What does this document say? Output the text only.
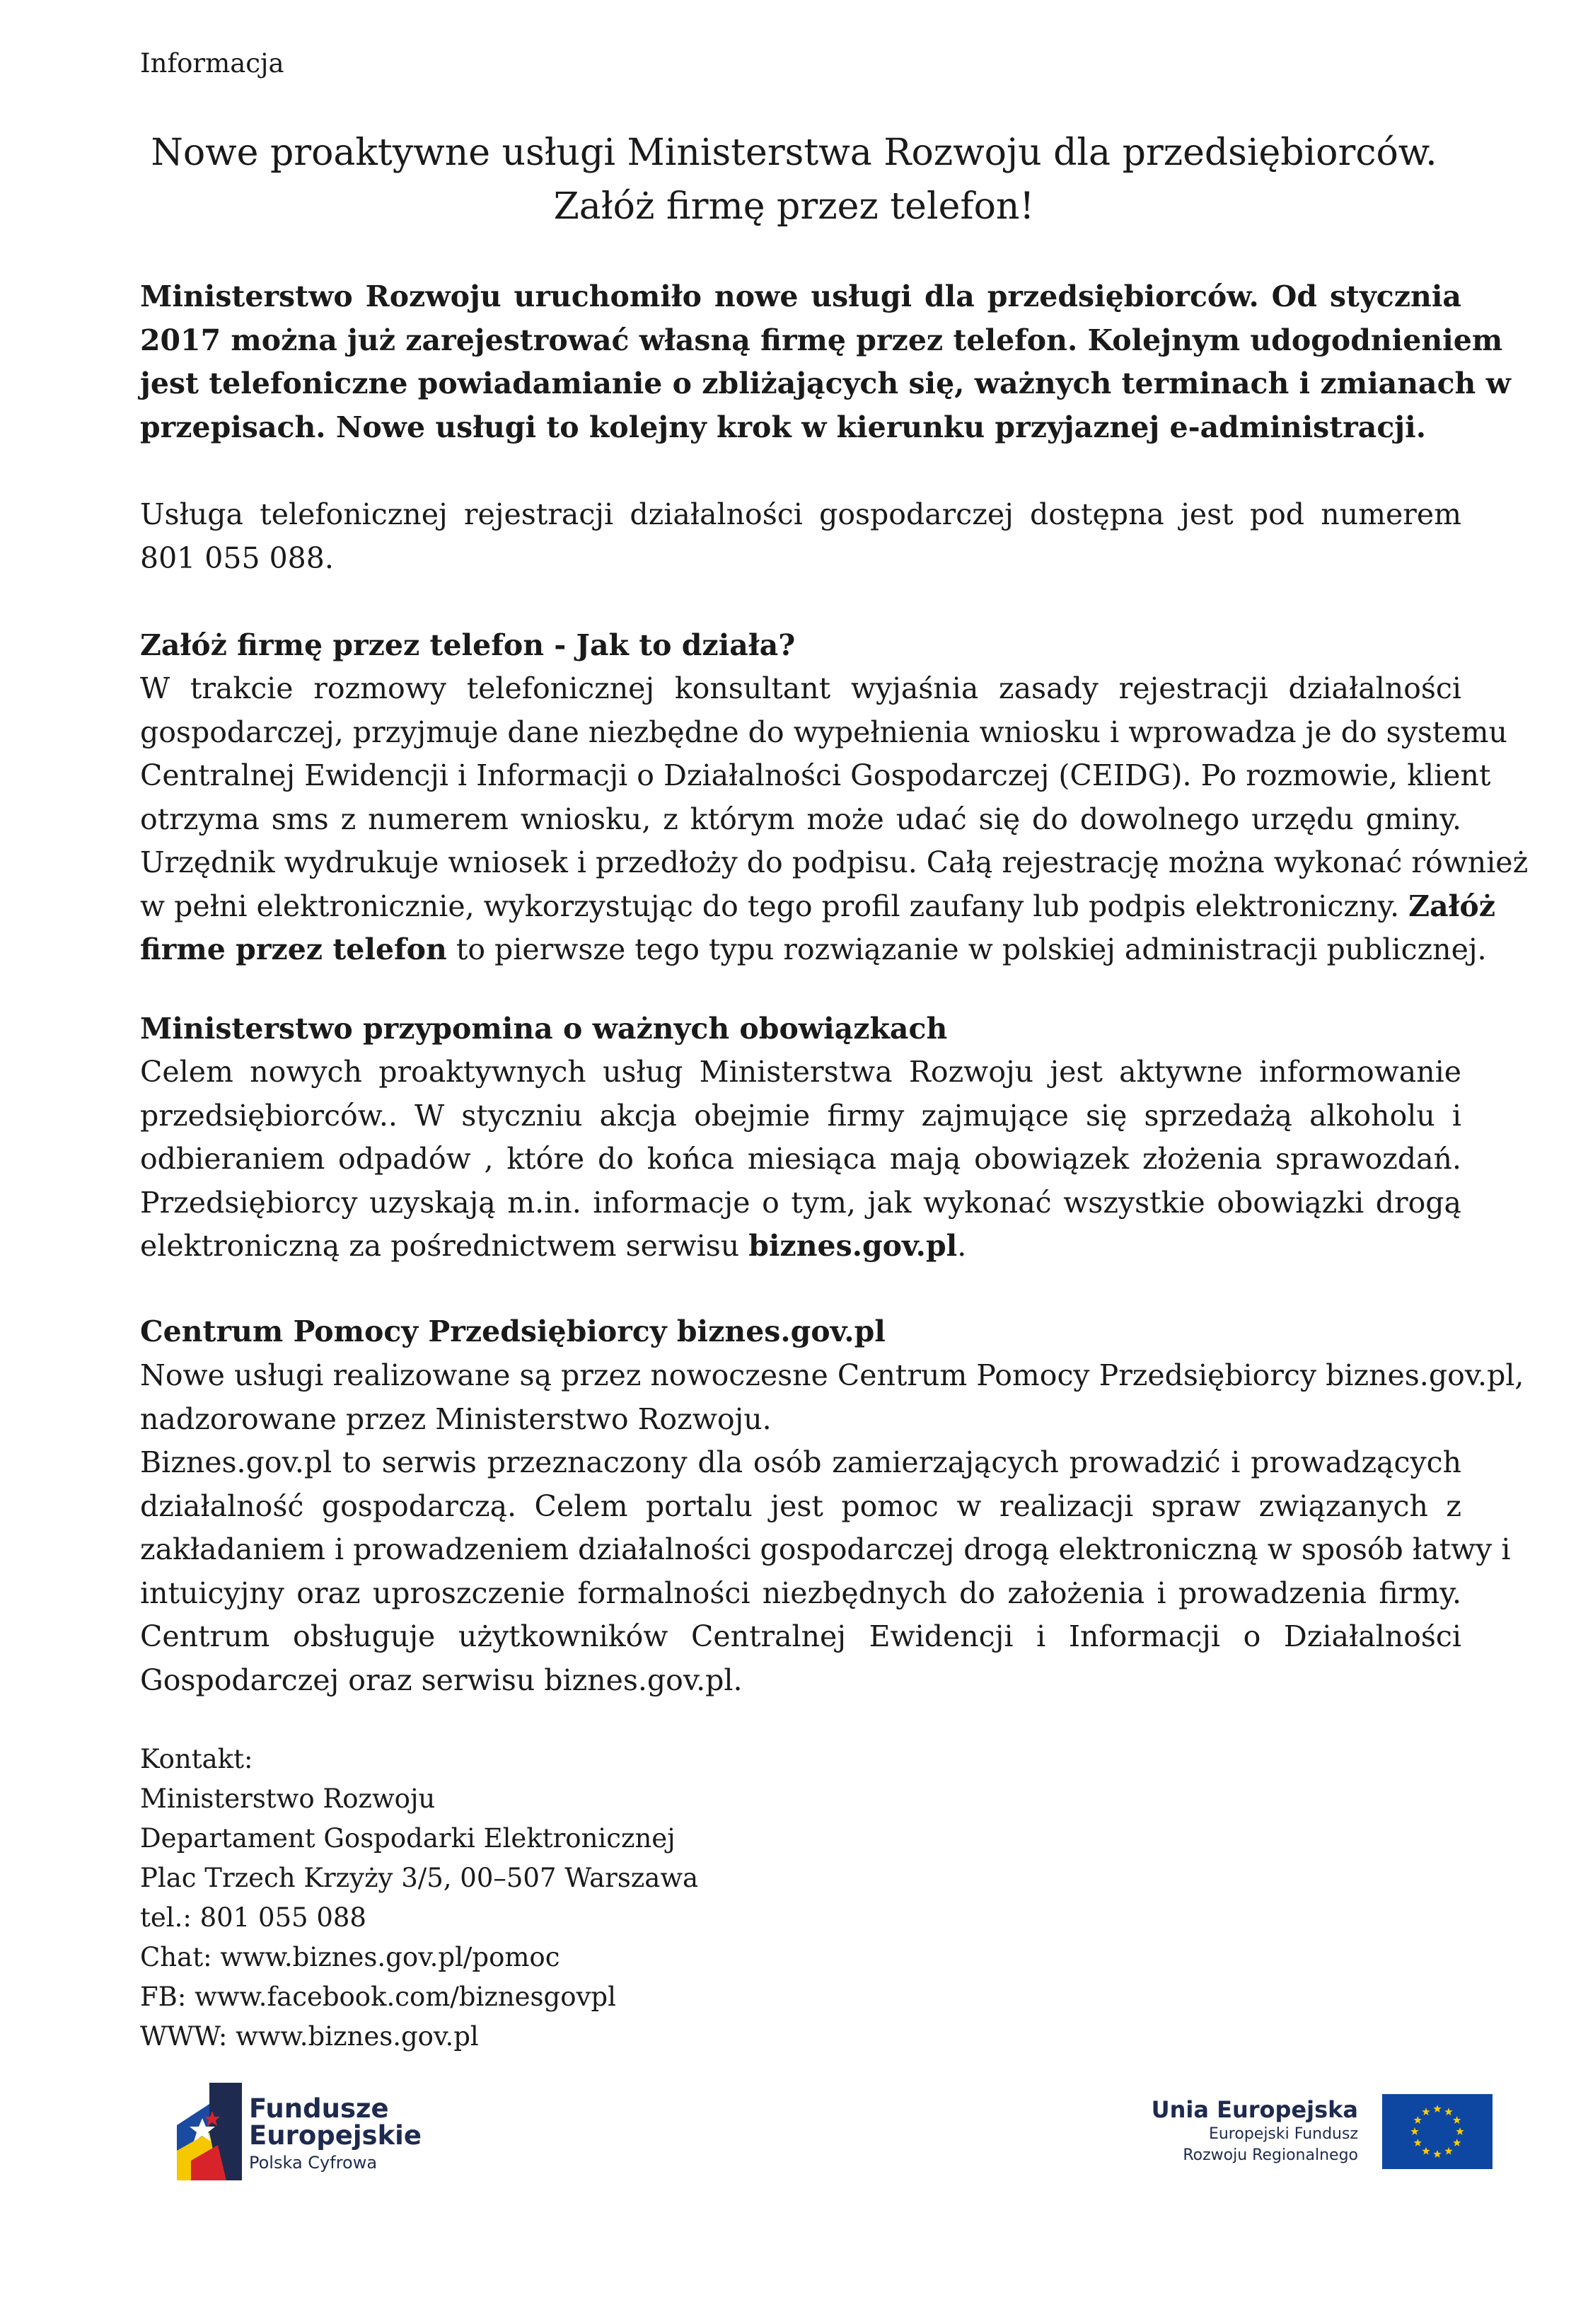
Informacja
Nowe proaktywne usługi Ministerstwa Rozwoju dla przedsiębiorców.
Załóż firmę przez telefon!
Ministerstwo Rozwoju uruchomiło nowe usługi dla przedsiębiorców. Od stycznia
2017 można już zarejestrować własną firmę przez telefon. Kolejnym udogodnieniem
jest telefoniczne powiadamianie o zbliżających się, ważnych terminach i zmianach w
przepisach. Nowe usługi to kolejny krok w kierunku przyjaznej e-administracji.
Usługa telefonicznej rejestracji działalności gospodarczej dostępna jest pod numerem
801 055 088.
Załóż firmę przez telefon - Jak to działa?
W trakcie rozmowy telefonicznej konsultant wyjaśnia zasady rejestracji działalności
gospodarczej, przyjmuje dane niezbędne do wypełnienia wniosku i wprowadza je do systemu
Centralnej Ewidencji i Informacji o Działalności Gospodarczej (CEIDG). Po rozmowie, klient
otrzyma sms z numerem wniosku, z którym może udać się do dowolnego urzędu gminy.
Urzędnik wydrukuje wniosek i przedłoży do podpisu. Całą rejestrację można wykonać również
w pełni elektronicznie, wykorzystując do tego profil zaufany lub podpis elektroniczny. Załóż
firme przez telefon to pierwsze tego typu rozwiązanie w polskiej administracji publicznej.
Ministerstwo przypomina o ważnych obowiązkach
Celem nowych proaktywnych usług Ministerstwa Rozwoju jest aktywne informowanie
przedsiębiorców.. W styczniu akcja obejmie firmy zajmujące się sprzedażą alkoholu i
odbieraniem odpadów , które do końca miesiąca mają obowiązek złożenia sprawozdań.
Przedsiębiorcy uzyskają m.in. informacje o tym, jak wykonać wszystkie obowiązki drogą
elektroniczną za pośrednictwem serwisu biznes.gov.pl.
Centrum Pomocy Przedsiębiorcy biznes.gov.pl
Nowe usługi realizowane są przez nowoczesne Centrum Pomocy Przedsiębiorcy biznes.gov.pl,
nadzorowane przez Ministerstwo Rozwoju.
Biznes.gov.pl to serwis przeznaczony dla osób zamierzających prowadzić i prowadzących
działalność gospodarczą. Celem portalu jest pomoc w realizacji spraw związanych z
zakładaniem i prowadzeniem działalności gospodarczej drogą elektroniczną w sposób łatwy i
intuicyjny oraz uproszczenie formalności niezbędnych do założenia i prowadzenia firmy.
Centrum obsługuje użytkowników Centralnej Ewidencji i Informacji o Działalności
Gospodarczej oraz serwisu biznes.gov.pl.
Kontakt:
Ministerstwo Rozwoju
Departament Gospodarki Elektronicznej
Plac Trzech Krzyży 3/5, 00–507 Warszawa
tel.: 801 055 088
Chat: www.biznes.gov.pl/pomoc
FB: www.facebook.com/biznesgovpl
WWW: www.biznes.gov.pl
Fundusze
Europejskie
Polska Cyfrowa
Unia Europejska
Europejski Fundusz
Rozwoju Regionalnego
